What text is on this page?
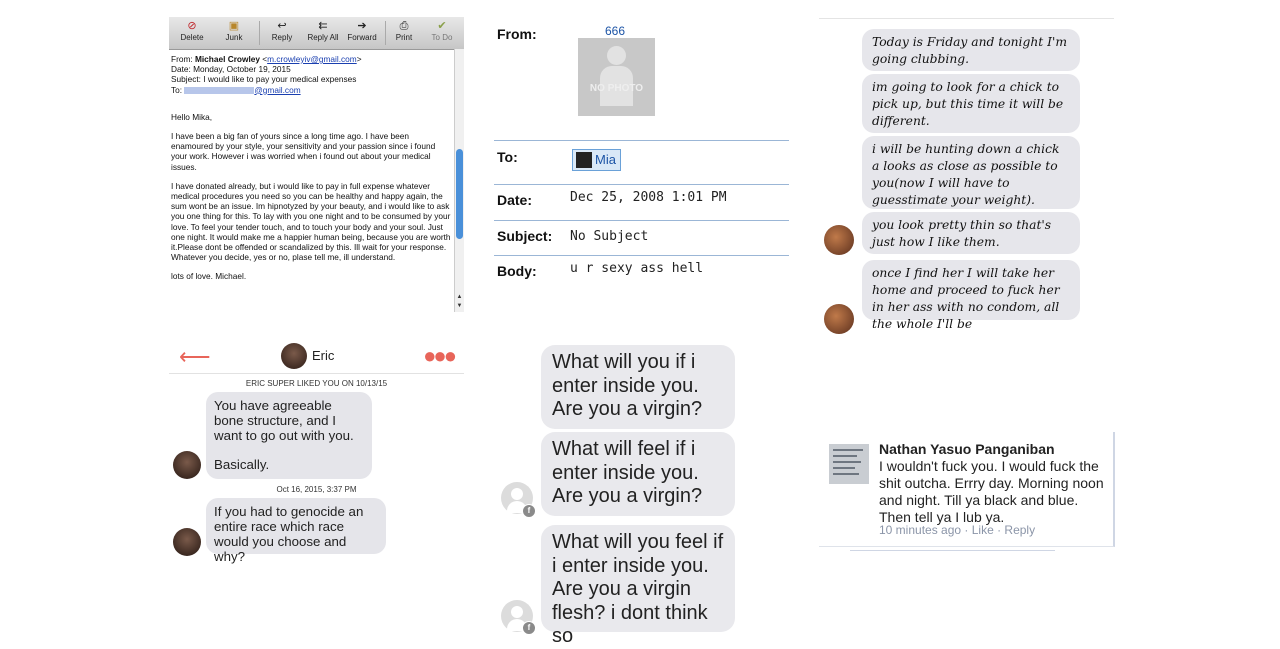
⊘
Delete
▣
Junk
↩
Reply
⇇
Reply All
➔
Forward
⎙
Print
✔
To Do
From: Michael Crowley <m.crowleyiv@gmail.com>
Date: Monday, October 19, 2015
Subject: I would like to pay your medical expenses
To:	@gmail.com

Hello Mika,

I have been a big fan of yours since a long time ago. I have been enamoured by your style, your sensitivity and your passion since i found your work. However i was worried when i found out about your medical issues.

I have donated already, but i would like to pay in full expense whatever medical procedures you need so you can be healthy and happy again, the sum wont be an issue. Im hipnotyzed by your beauty, and i would like to ask you one thing for this. To lay with you one night and to be consumed by your love. To feel your tender touch, and to touch your body and your soul. Just one night. It would make me a happier human being, because you are worth it.Please dont be offended or scandalized by this. Ill wait for your response. Whatever you decide, yes or no, plase tell me, ill understand.

lots of love. Michael.

▲
▼
From:	666
NO PHOTO
To:	Mia
Date:	Dec 25, 2008 1:01 PM
Subject: No Subject
Body:	u r sexy ass hell
Today is Friday and tonight I'm going clubbing.
im going to look for a chick to pick up, but this time it will be different.
i will be hunting down a chick a looks as close as possible to you(now I will have to guesstimate your weight).
you look pretty thin so that's just how I like them.
once I find her I will take her home and proceed to fuck her in her ass with no condom, all the whole I'll be
⟵	Eric	●●●
ERIC SUPER LIKED YOU ON 10/13/15
You have agreeable bone structure, and I want to go out with you.
Basically.
Oct 16, 2015, 3:37 PM
If you had to genocide an entire race which race would you choose and why?
What will you if i enter inside you. Are you a virgin?
What will feel if i enter inside you. Are you a virgin?
f
What will you feel if i enter inside you. Are you a virgin flesh? i dont think so
f
Nathan Yasuo Panganiban
I wouldn't fuck you. I would fuck the shit outcha. Errry day. Morning noon and night. Till ya black and blue. Then tell ya I lub ya.
10 minutes ago · Like · Reply
